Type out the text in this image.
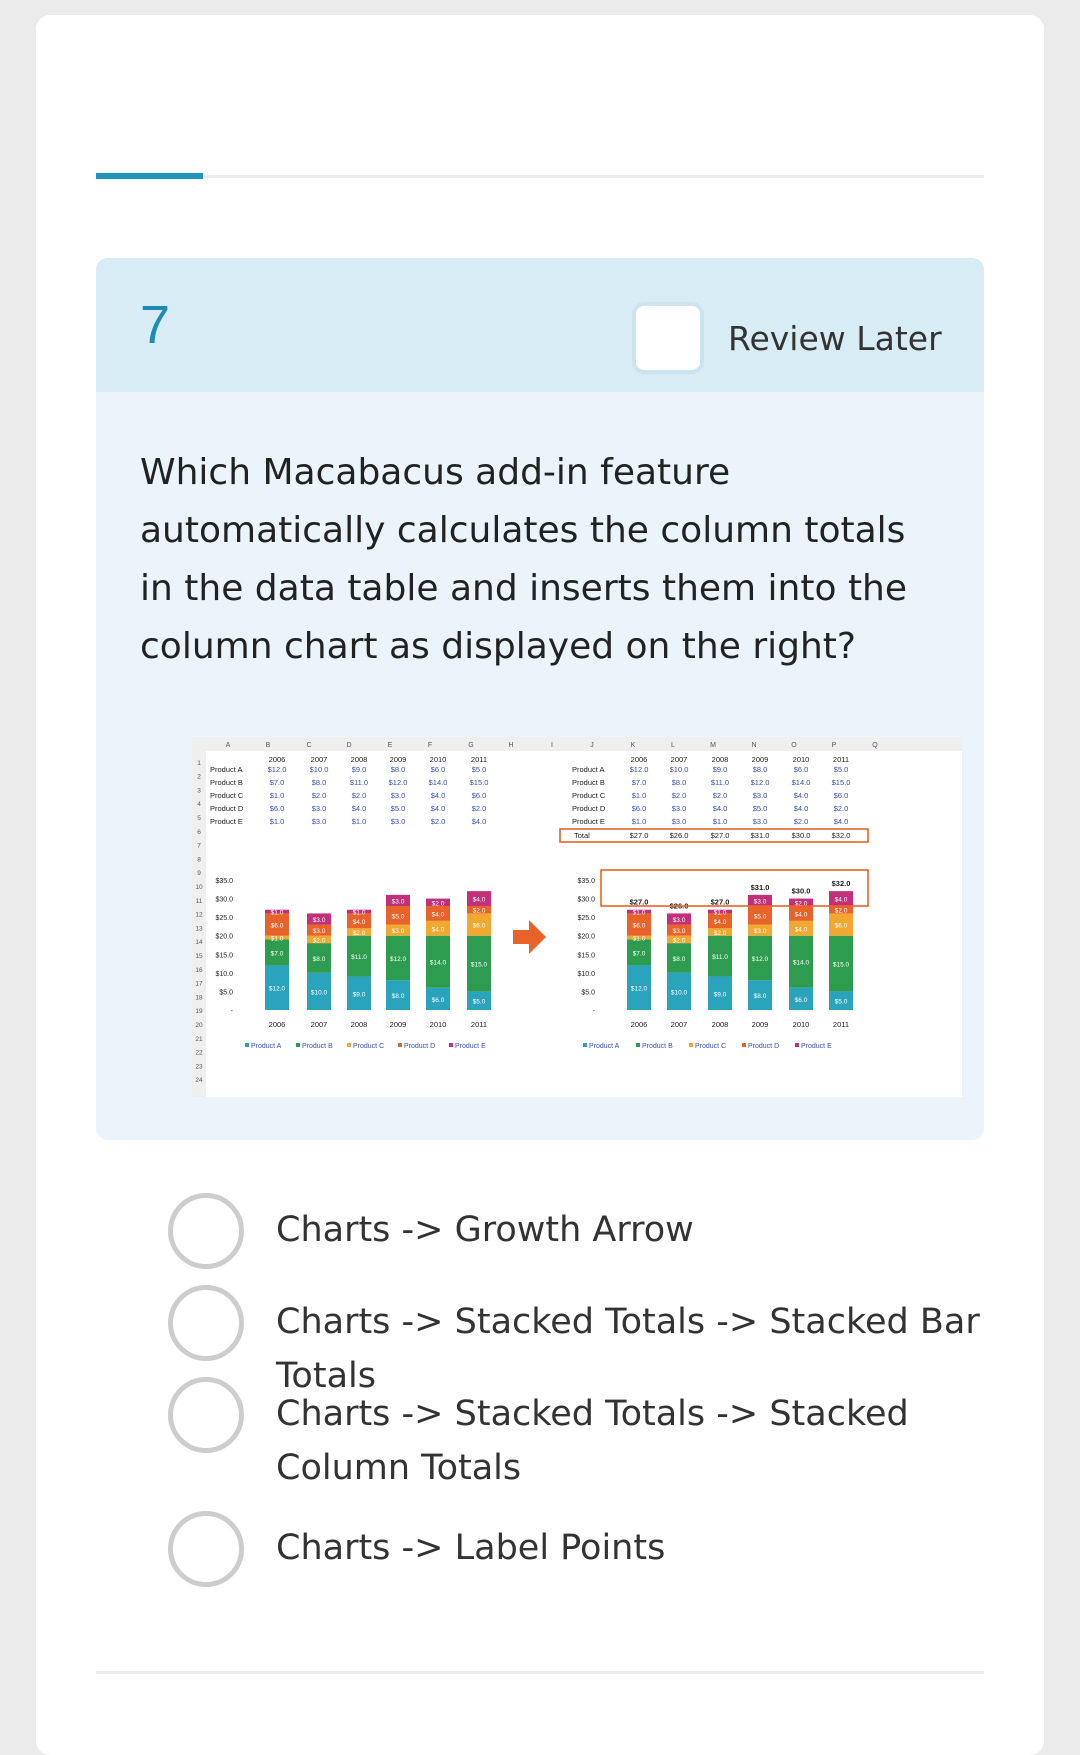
7	Review Later
Which Macabacus add-in feature automatically calculates the column totals in the data table and inserts them into the column chart as displayed on the right?
A	B	C	D	E	F	G	H	I	J	K	L	M	N	O	P	Q
1
2
3
4
5
6
7
8
9
10
11
12
13
14
15
16
17
18
19
20
21
22
23
24
2006	2007	2008	2009	2010	2011
Product A	$12.0	$10.0	$9.0	$8.0	$6.0	$5.0
Product B	$7.0	$8.0	$11.0	$12.0	$14.0	$15.0
Product C	$1.0	$2.0	$2.0	$3.0	$4.0	$6.0
Product D	$6.0	$3.0	$4.0	$5.0	$4.0	$2.0
Product E	$1.0	$3.0	$1.0	$3.0	$2.0	$4.0
2006	2007	2008	2009	2010	2011
Product A	$12.0	$10.0	$9.0	$8.0	$6.0	$5.0
Product B	$7.0	$8.0	$11.0	$12.0	$14.0	$15.0
Product C	$1.0	$2.0	$2.0	$3.0	$4.0	$6.0
Product D	$6.0	$3.0	$4.0	$5.0	$4.0	$2.0
Product E	$1.0	$3.0	$1.0	$3.0	$2.0	$4.0
Total	$27.0	$26.0	$27.0	$31.0	$30.0	$32.0
$35.0
$30.0
$25.0
$20.0
$15.0
$10.0
$5.0
-
$12.0
$7.0
$1.0
$6.0
$1.0
2006
$10.0
$8.0
$2.0
$3.0
$3.0
2007
$9.0
$11.0
$2.0
$4.0
$1.0
2008
$8.0
$12.0
$3.0
$5.0
$3.0
2009
$6.0
$14.0
$4.0
$4.0
$2.0
2010
$5.0
$15.0
$6.0
$2.0
$4.0
2011
Product A	Product B	Product C	Product D	Product E
$35.0
$30.0
$25.0
$20.0
$15.0
$10.0
$5.0
-
$12.0
$7.0
$1.0
$6.0
$1.0
2006
$27.0
$10.0
$8.0
$2.0
$3.0
$3.0
2007
$26.0
$9.0
$11.0
$2.0
$4.0
$1.0
2008
$27.0
$8.0
$12.0
$3.0
$5.0
$3.0
2009
$31.0
$6.0
$14.0
$4.0
$4.0
$2.0
2010
$30.0
$5.0
$15.0
$6.0
$2.0
$4.0
2011
$32.0
Product A	Product B	Product C	Product D	Product E
Charts -> Growth Arrow
Charts -> Stacked Totals -> Stacked Bar Totals
Charts -> Stacked Totals -> Stacked Column Totals
Charts -> Label Points
